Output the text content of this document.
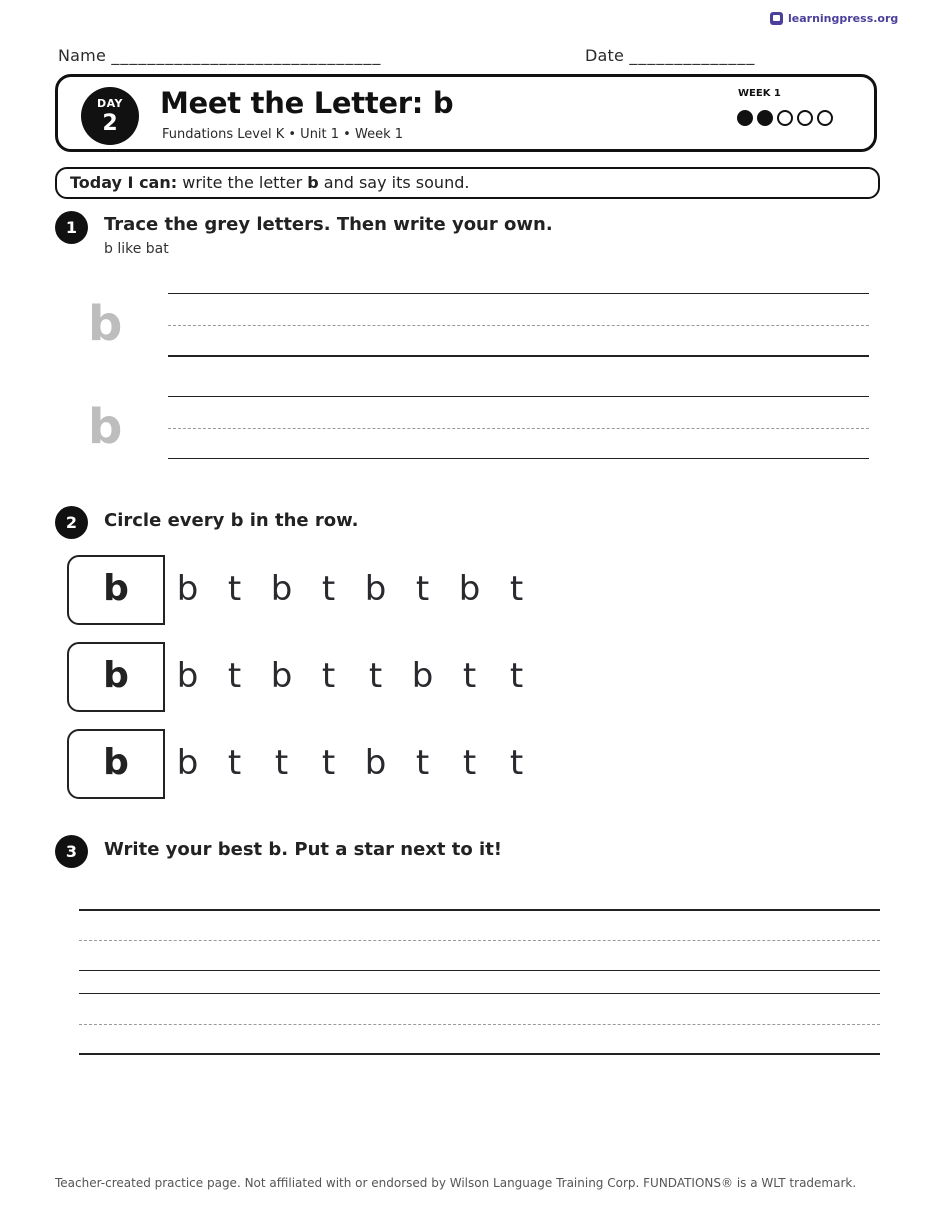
learningpress.org
Name ______________________________	Date ______________
DAY
2
Meet the Letter: b
Fundations Level K • Unit 1 • Week 1
WEEK 1
Today I can: write the letter b and say its sound.
1	Trace the grey letters. Then write your own.
b like bat
b
b
2	Circle every b in the row.
b	b t b t b t b t
b	b t b t t b t t
b	b t t t b t t t
3	Write your best b. Put a star next to it!
Teacher-created practice page. Not affiliated with or endorsed by Wilson Language Training Corp. FUNDATIONS® is a WLT trademark.
